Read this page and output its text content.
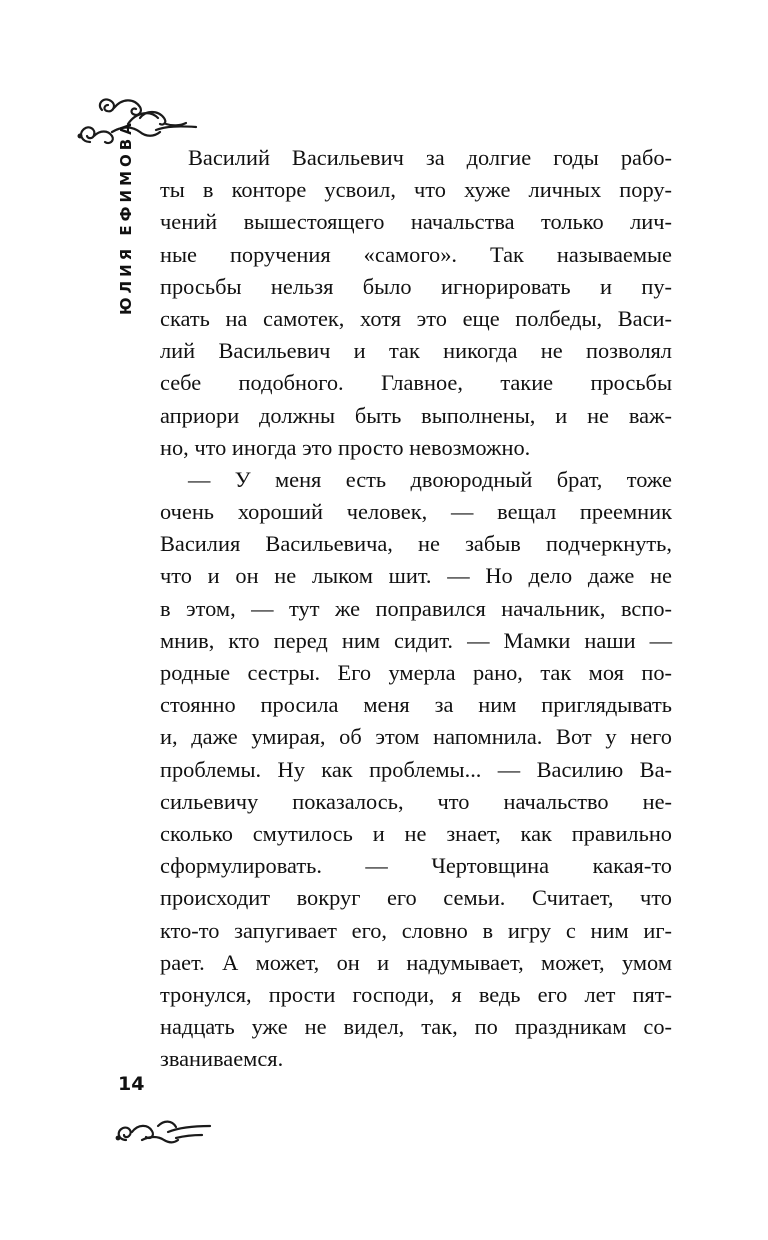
ЮЛИЯ ЕФИМОВА	Василий Васильевич за долгие годы рабо-
ты в конторе усвоил, что хуже личных пору-
чений вышестоящего начальства только лич-
ные поручения «самого». Так называемые
просьбы нельзя было игнорировать и пу-
скать на самотек, хотя это еще полбеды, Васи-
лий Васильевич и так никогда не позволял
себе подобного. Главное, такие просьбы
априори должны быть выполнены, и не важ-
но, что иногда это просто невозможно.

— У меня есть двоюродный брат, тоже
очень хороший человек, — вещал преемник
Василия Васильевича, не забыв подчеркнуть,
что и он не лыком шит. — Но дело даже не
в этом, — тут же поправился начальник, вспо-
мнив, кто перед ним сидит. — Мамки наши —
родные сестры. Его умерла рано, так моя по-
стоянно просила меня за ним приглядывать
и, даже умирая, об этом напомнила. Вот у него
проблемы. Ну как проблемы... — Василию Ва-
сильевичу показалось, что начальство не-
сколько смутилось и не знает, как правильно
сформулировать. — Чертовщина какая-то
происходит вокруг его семьи. Считает, что
кто-то запугивает его, словно в игру с ним иг-
рает. А может, он и надумывает, может, умом
тронулся, прости господи, я ведь его лет пят-
надцать уже не видел, так, по праздникам со-
званиваемся.

14
